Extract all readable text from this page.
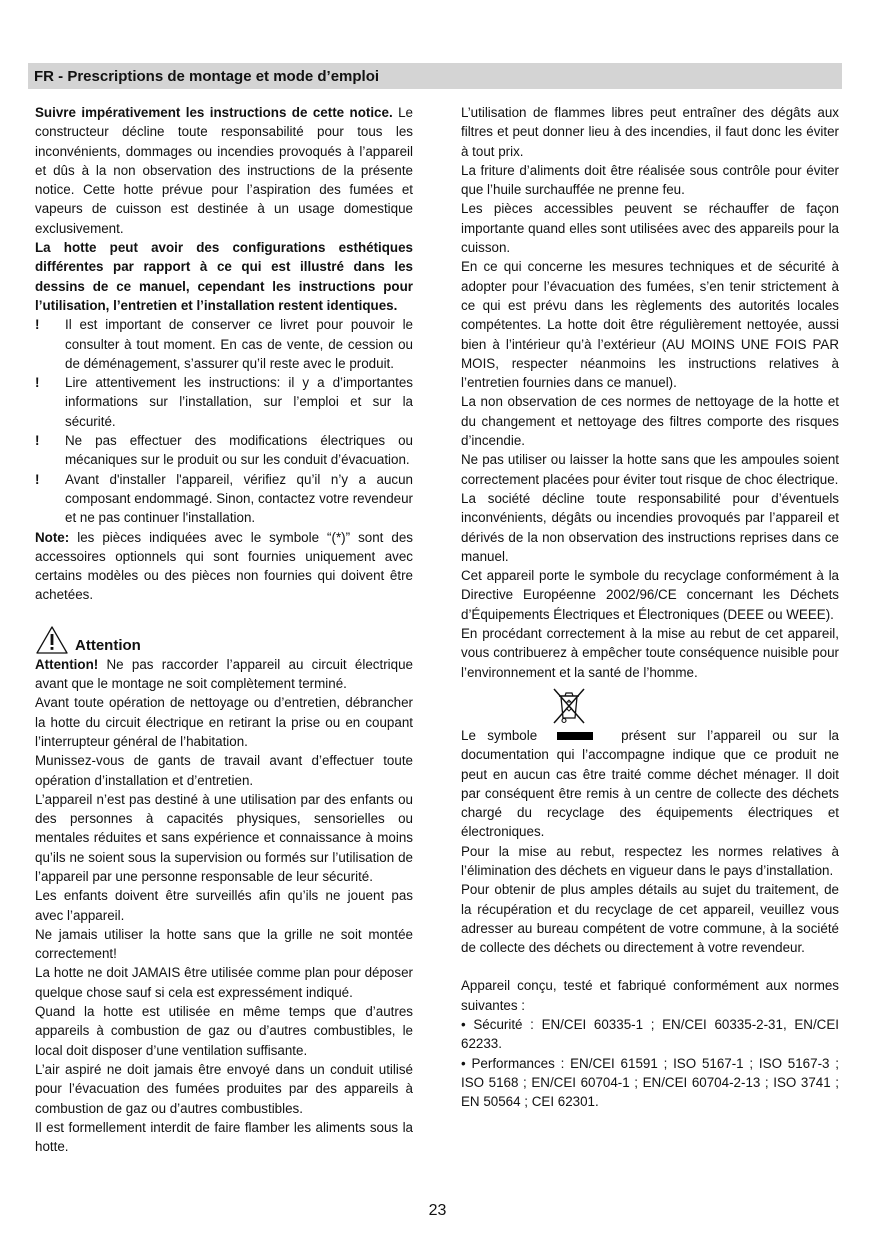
FR - Prescriptions de montage et mode d’emploi

Suivre impérativement les instructions de cette notice. Le constructeur décline toute responsabilité pour tous les inconvénients, dommages ou incendies provoqués à l’appareil et dûs à la non observation des instructions de la présente notice. Cette hotte prévue pour l’aspiration des fumées et vapeurs de cuisson est destinée à un usage domestique exclusivement.

La hotte peut avoir des configurations esthétiques différentes par rapport à ce qui est illustré dans les dessins de ce manuel, cependant les instructions pour l’utilisation, l’entretien et l’installation restent identiques.

! Il est important de conserver ce livret pour pouvoir le consulter à tout moment. En cas de vente, de cession ou de déménagement, s’assurer qu’il reste avec le produit.
! Lire attentivement les instructions: il y a d’importantes informations sur l’installation, sur l’emploi et sur la sécurité.
! Ne pas effectuer des modifications électriques ou mécaniques sur le produit ou sur les conduit d’évacuation.
! Avant d'installer l'appareil, vérifiez qu’il n’y a aucun composant endommagé. Sinon, contactez votre revendeur et ne pas continuer l'installation.

Note: les pièces indiquées avec le symbole “(*)” sont des accessoires optionnels qui sont fournies uniquement avec certains modèles ou des pièces non fournies qui doivent être achetées.

Attention

Attention! Ne pas raccorder l’appareil au circuit électrique avant que le montage ne soit complètement terminé.

Avant toute opération de nettoyage ou d’entretien, débrancher la hotte du circuit électrique en retirant la prise ou en coupant l’interrupteur général de l’habitation.

Munissez-vous de gants de travail avant d’effectuer toute opération d’installation et d’entretien.

L’appareil n’est pas destiné à une utilisation par des enfants ou des personnes à capacités physiques, sensorielles ou mentales réduites et sans expérience et connaissance à moins qu’ils ne soient sous la supervision ou formés sur l’utilisation de l’appareil par une personne responsable de leur sécurité.

Les enfants doivent être surveillés afin qu’ils ne jouent pas avec l’appareil.

Ne jamais utiliser la hotte sans que la grille ne soit montée correctement!

La hotte ne doit JAMAIS être utilisée comme plan pour déposer quelque chose sauf si cela est expressément indiqué.

Quand la hotte est utilisée en même temps que d’autres appareils à combustion de gaz ou d’autres combustibles, le local doit disposer d’une ventilation suffisante.

L’air aspiré ne doit jamais être envoyé dans un conduit utilisé pour l’évacuation des fumées produites par des appareils à combustion de gaz ou d’autres combustibles.

Il est formellement interdit de faire flamber les aliments sous la hotte.

L’utilisation de flammes libres peut entraîner des dégâts aux filtres et peut donner lieu à des incendies, il faut donc les éviter à tout prix.

La friture d’aliments doit être réalisée sous contrôle pour éviter que l’huile surchauffée ne prenne feu.

Les pièces accessibles peuvent se réchauffer de façon importante quand elles sont utilisées avec des appareils pour la cuisson.

En ce qui concerne les mesures techniques et de sécurité à adopter pour l’évacuation des fumées, s’en tenir strictement à ce qui est prévu dans les règlements des autorités locales compétentes. La hotte doit être régulièrement nettoyée, aussi bien à l’intérieur qu’à l’extérieur (AU MOINS UNE FOIS PAR MOIS, respecter néanmoins les instructions relatives à l’entretien fournies dans ce manuel).

La non observation de ces normes de nettoyage de la hotte et du changement et nettoyage des filtres comporte des risques d’incendie.

Ne pas utiliser ou laisser la hotte sans que les ampoules soient correctement placées pour éviter tout risque de choc électrique.

La société décline toute responsabilité pour d’éventuels inconvénients, dégâts ou incendies provoqués par l’appareil et dérivés de la non observation des instructions reprises dans ce manuel.

Cet appareil porte le symbole du recyclage conformément à la Directive Européenne 2002/96/CE concernant les Déchets d’Équipements Électriques et Électroniques (DEEE ou WEEE).

En procédant correctement à la mise au rebut de cet appareil, vous contribuerez à empêcher toute conséquence nuisible pour l’environnement et la santé de l’homme.

Le symbole	présent sur l’appareil ou sur la documentation qui l’accompagne indique que ce produit ne peut en aucun cas être traité comme déchet ménager. Il doit par conséquent être remis à un centre de collecte des déchets chargé du recyclage des équipements électriques et électroniques.

Pour la mise au rebut, respectez les normes relatives à l’élimination des déchets en vigueur dans le pays d’installation.

Pour obtenir de plus amples détails au sujet du traitement, de la récupération et du recyclage de cet appareil, veuillez vous adresser au bureau compétent de votre commune, à la société de collecte des déchets ou directement à votre revendeur.

Appareil conçu, testé et fabriqué conformément aux normes suivantes :

• Sécurité : EN/CEI 60335-1 ; EN/CEI 60335-2-31, EN/CEI 62233.

• Performances : EN/CEI 61591 ; ISO 5167-1 ; ISO 5167-3 ; ISO 5168 ; EN/CEI 60704-1 ; EN/CEI 60704-2-13 ; ISO 3741 ; EN 50564 ; CEI 62301.

23
